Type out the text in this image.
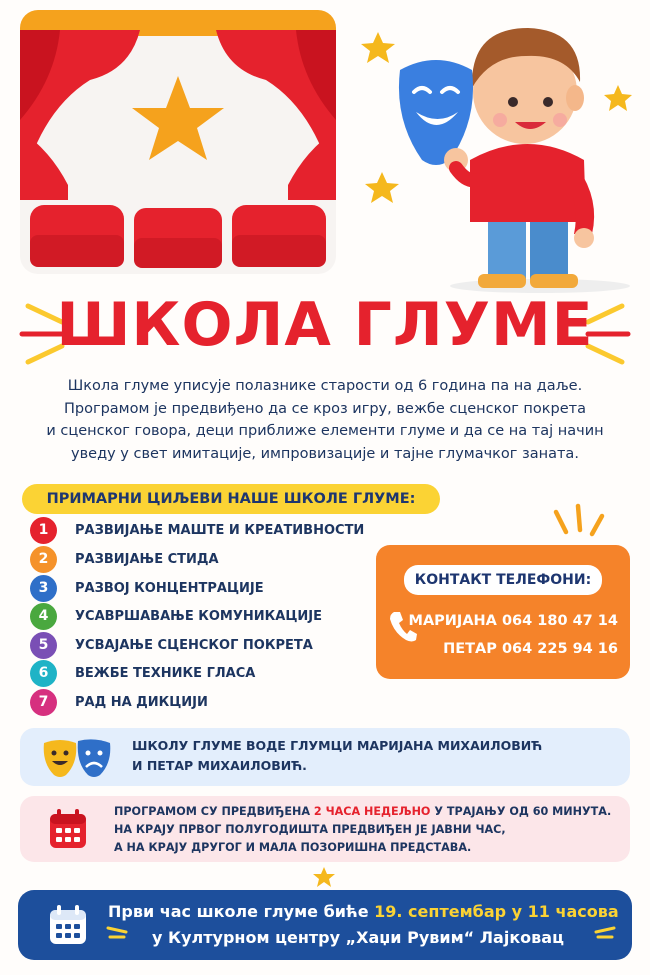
ШКОЛА ГЛУМЕ
Школа глуме уписује полазнике старости од 6 година па на даље.
Програмом је предвиђено да се кроз игру, вежбе сценског покрета
и сценског говора, деци приближе елементи глуме и да се на тај начин
уведу у свет имитације, импровизације и тајне глумачког заната.
ПРИМАРНИ ЦИЉЕВИ НАШЕ ШКОЛЕ ГЛУМЕ:
1	РАЗВИЈАЊЕ МАШТЕ И КРЕАТИВНОСТИ
2	РАЗВИЈАЊЕ СТИДА
3	РАЗВОЈ КОНЦЕНТРАЦИЈЕ
4	УСАВРШАВАЊЕ КОМУНИКАЦИЈЕ
5	УСВАЈАЊЕ СЦЕНСКОГ ПОКРЕТА
6	ВЕЖБЕ ТЕХНИКЕ ГЛАСА
7	РАД НА ДИКЦИЈИ
КОНТАКТ ТЕЛЕФОНИ:
МАРИЈАНА 064 180 47 14
ПЕТАР 064 225 94 16
ШКОЛУ ГЛУМЕ ВОДЕ ГЛУМЦИ МАРИЈАНА МИХАИЛОВИЋ
И ПЕТАР МИХАИЛОВИЋ.
ПРОГРАМОМ СУ ПРЕДВИЂЕНА 2 ЧАСА НЕДЕЉНО У ТРАЈАЊУ ОД 60 МИНУТА.
НА КРАЈУ ПРВОГ ПОЛУГОДИШТА ПРЕДВИЂЕН ЈЕ ЈАВНИ ЧАС,
А НА КРАЈУ ДРУГОГ И МАЛА ПОЗОРИШНА ПРЕДСТАВА.
Први час школе глуме биће 19. септембар у 11 часова
у Културном центру „Хаџи Рувим“ Лајковац
